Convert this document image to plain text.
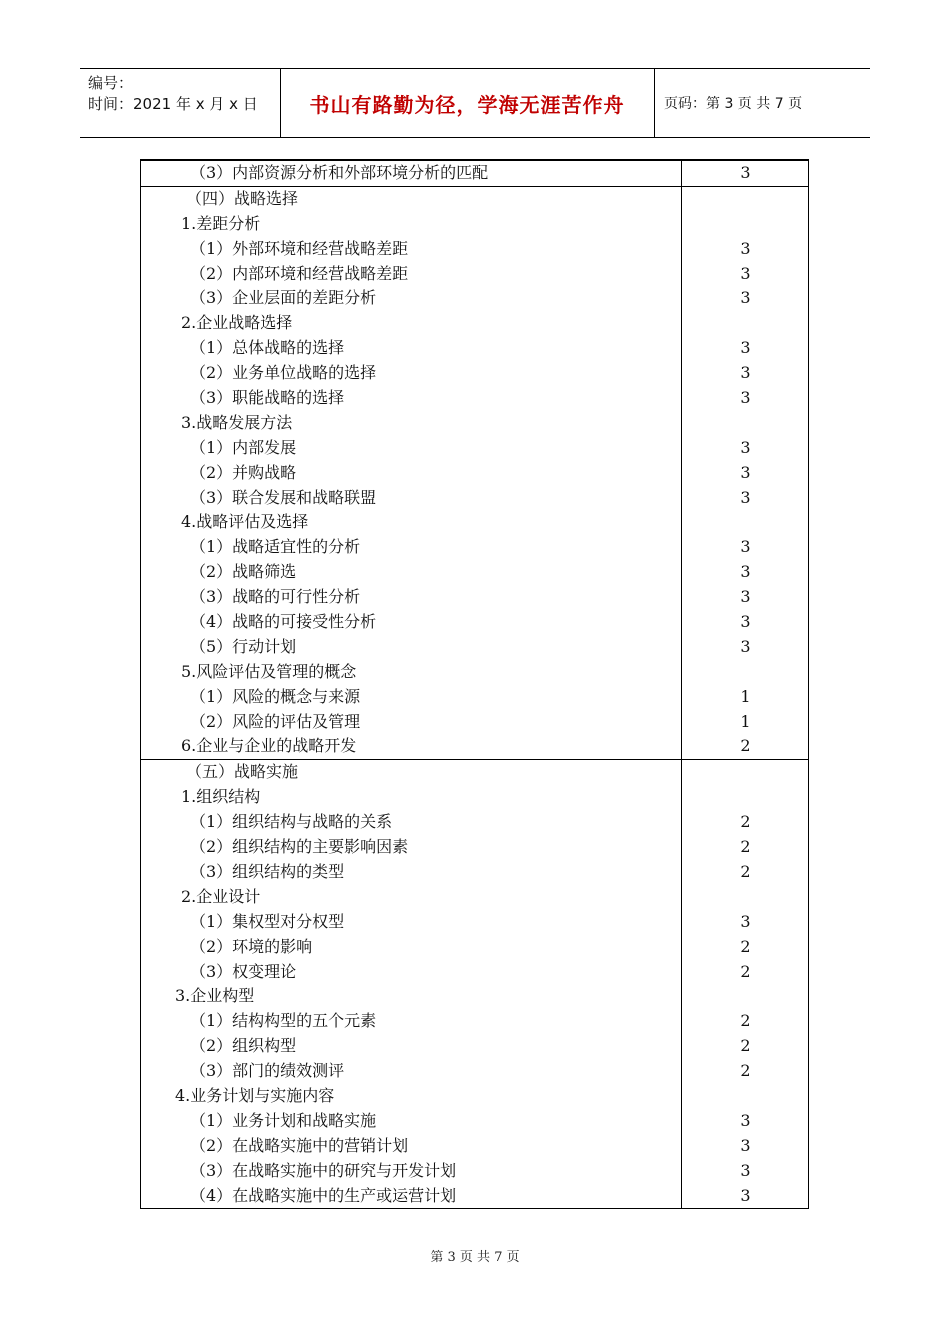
编号：
时间：2021 年 x 月 x 日	书山有路勤为径，学海无涯苦作舟	页码：第 3 页 共 7 页
（3）内部资源分析和外部环境分析的匹配	3
（四）战略选择
1.差距分析
（1）外部环境和经营战略差距	3
（2）内部环境和经营战略差距	3
（3）企业层面的差距分析	3
2.企业战略选择
（1）总体战略的选择	3
（2）业务单位战略的选择	3
（3）职能战略的选择	3
3.战略发展方法
（1）内部发展	3
（2）并购战略	3
（3）联合发展和战略联盟	3
4.战略评估及选择
（1）战略适宜性的分析	3
（2）战略筛选	3
（3）战略的可行性分析	3
（4）战略的可接受性分析	3
（5）行动计划	3
5.风险评估及管理的概念
（1）风险的概念与来源	1
（2）风险的评估及管理	1
6.企业与企业的战略开发	2
（五）战略实施
1.组织结构
（1）组织结构与战略的关系	2
（2）组织结构的主要影响因素	2
（3）组织结构的类型	2
2.企业设计
（1）集权型对分权型	3
（2）环境的影响	2
（3）权变理论	2
3.企业构型
（1）结构构型的五个元素	2
（2）组织构型	2
（3）部门的绩效测评	2
4.业务计划与实施内容
（1）业务计划和战略实施	3
（2）在战略实施中的营销计划	3
（3）在战略实施中的研究与开发计划	3
（4）在战略实施中的生产或运营计划	3
第 3 页 共 7 页
